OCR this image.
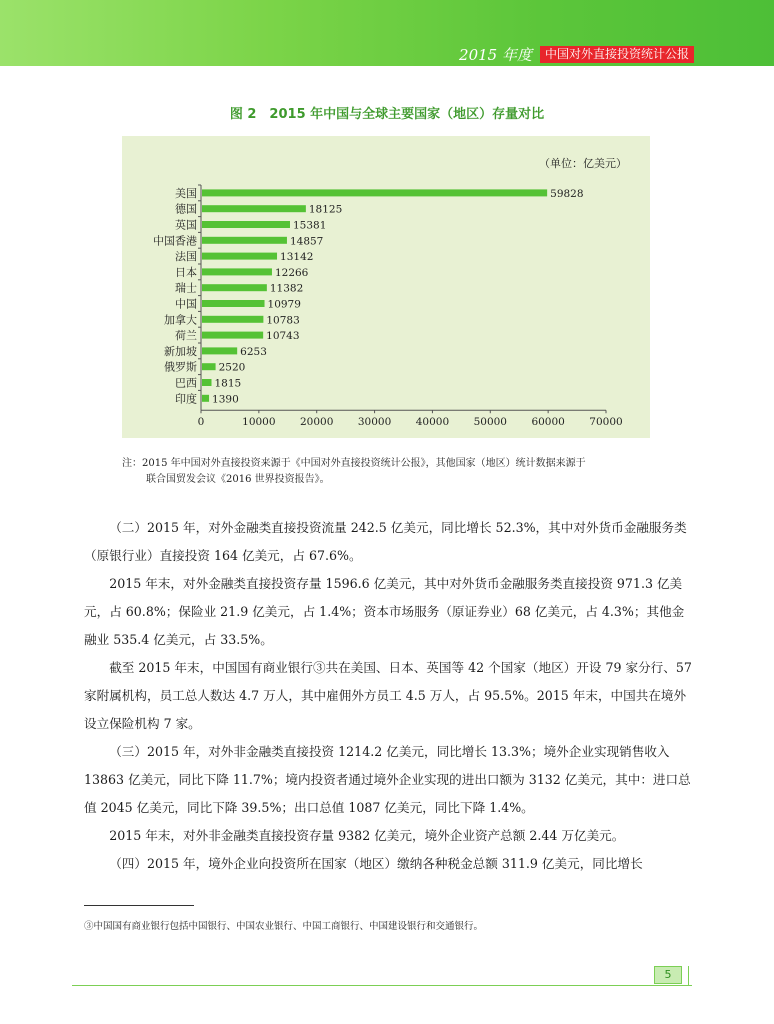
2015 年度	中国对外直接投资统计公报
图 2　2015 年中国与全球主要国家（地区）存量对比
（单位：亿美元）
美国	59828
德国	18125
英国	15381
中国香港	14857
法国	13142
日本	12266
瑞士	11382
中国	10979
加拿大	10783
荷兰	10743
新加坡	6253
俄罗斯 2520
巴西 1815
印度 1390
0	10000 20000 30000 40000 50000 60000 70000
注：2015 年中国对外直接投资来源于《中国对外直接投资统计公报》，其他国家（地区）统计数据来源于
联合国贸发会议《2016 世界投资报告》。

（二）2015 年，对外金融类直接投资流量 242.5 亿美元，同比增长 52.3%，其中对外货币金融服务类（原银行业）直接投资 164 亿美元，占 67.6%。

2015 年末，对外金融类直接投资存量 1596.6 亿美元，其中对外货币金融服务类直接投资 971.3 亿美元，占 60.8%；保险业 21.9 亿美元，占 1.4%；资本市场服务（原证券业）68 亿美元，占 4.3%；其他金融业 535.4 亿美元，占 33.5%。

截至 2015 年末，中国国有商业银行③共在美国、日本、英国等 42 个国家（地区）开设 79 家分行、57 家附属机构，员工总人数达 4.7 万人，其中雇佣外方员工 4.5 万人，占 95.5%。2015 年末，中国共在境外设立保险机构 7 家。

（三）2015 年，对外非金融类直接投资 1214.2 亿美元，同比增长 13.3%；境外企业实现销售收入 13863 亿美元，同比下降 11.7%；境内投资者通过境外企业实现的进出口额为 3132 亿美元，其中：进口总值 2045 亿美元，同比下降 39.5%；出口总值 1087 亿美元，同比下降 1.4%。

2015 年末，对外非金融类直接投资存量 9382 亿美元，境外企业资产总额 2.44 万亿美元。

（四）2015 年，境外企业向投资所在国家（地区）缴纳各种税金总额 311.9 亿美元，同比增长

③中国国有商业银行包括中国银行、中国农业银行、中国工商银行、中国建设银行和交通银行。
5
